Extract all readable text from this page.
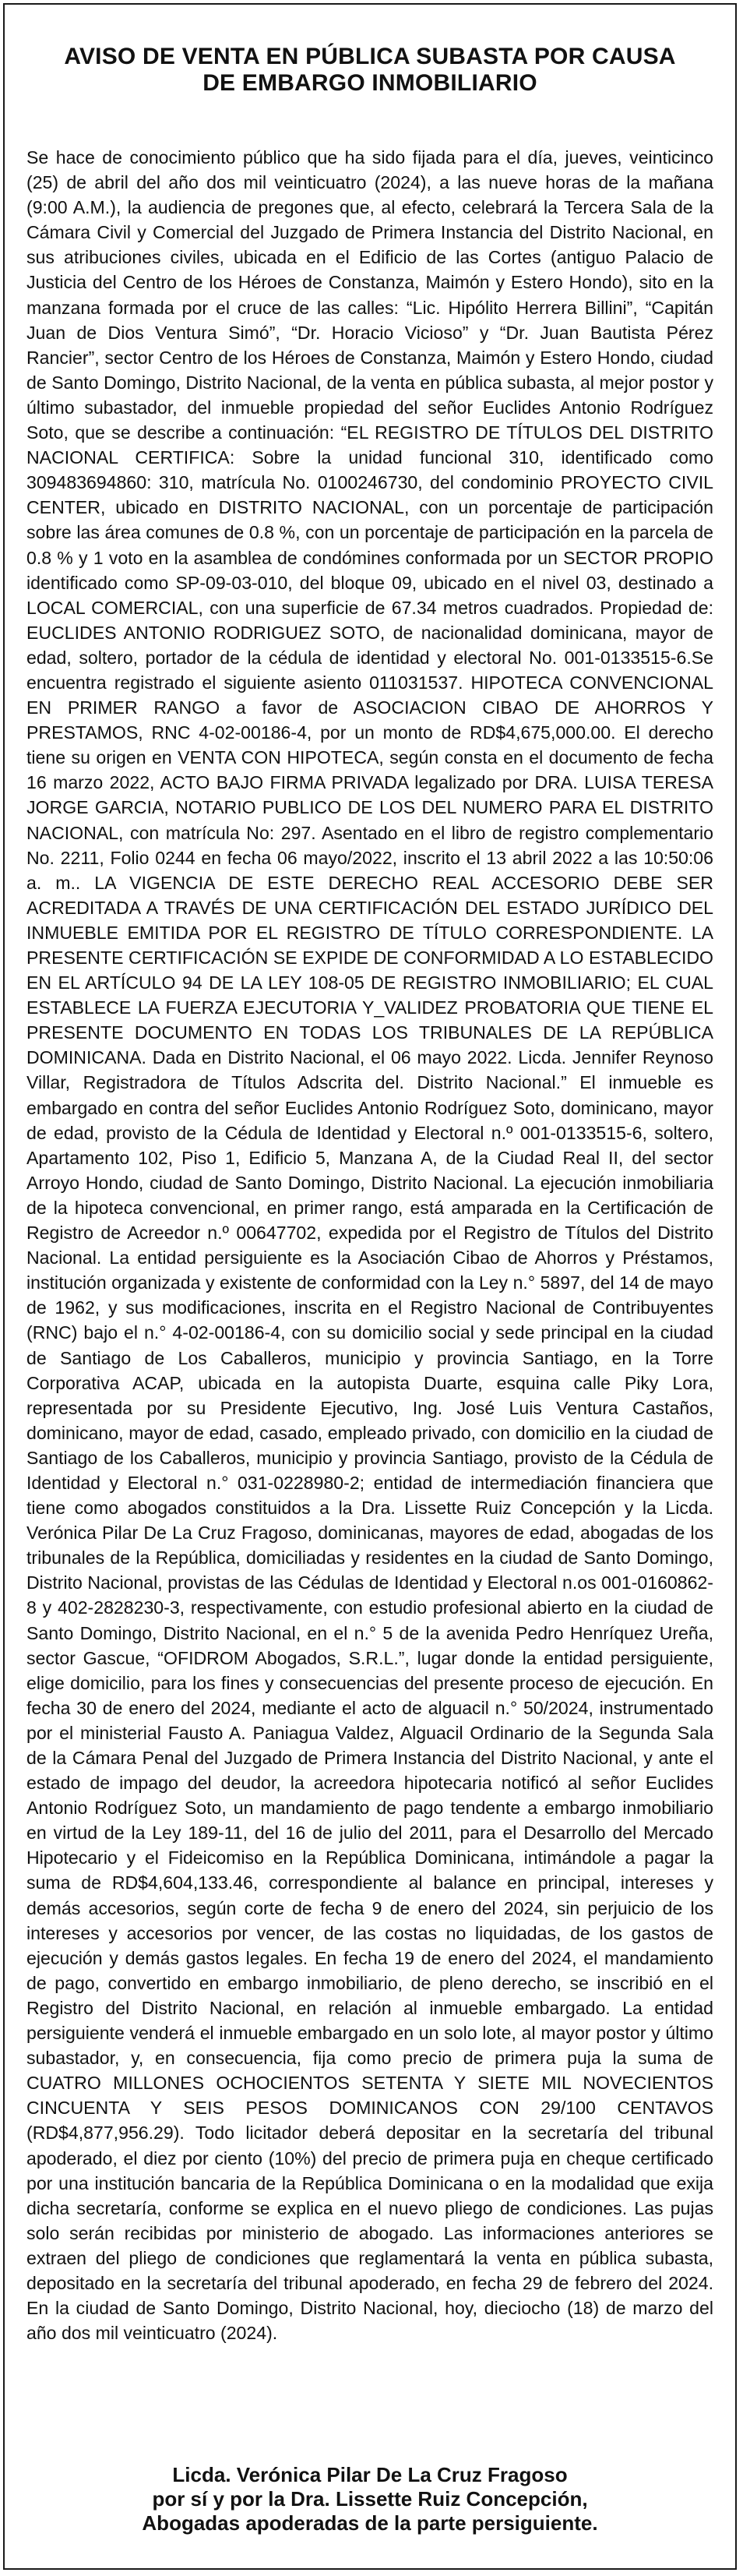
AVISO DE VENTA EN PÚBLICA SUBASTA POR CAUSA
DE EMBARGO INMOBILIARIO
Se hace de conocimiento público que ha sido fijada para el día, jueves, veinticinco (25) de abril del año dos mil veinticuatro (2024), a las nueve horas de la mañana (9:00 A.M.), la audiencia de pregones que, al efecto, celebrará la Tercera Sala de la Cámara Civil y Comercial del Juzgado de Primera Instancia del Distrito Nacional, en sus atribuciones civiles, ubicada en el Edificio de las Cortes (antiguo Palacio de Justicia del Centro de los Héroes de Constanza, Maimón y Estero Hondo), sito en la manzana formada por el cruce de las calles: “Lic. Hipólito Herrera Billini”, “Capitán Juan de Dios Ventura Simó”, “Dr. Horacio Vicioso” y “Dr. Juan Bautista Pérez Rancier”, sector Centro de los Héroes de Constanza, Maimón y Estero Hondo, ciudad de Santo Domingo, Distrito Nacional, de la venta en pública subasta, al mejor postor y último subastador, del inmueble propiedad del señor Euclides Antonio Rodríguez Soto, que se describe a continuación: “EL REGISTRO DE TÍTULOS DEL DISTRITO NACIONAL CERTIFICA: Sobre la unidad funcional 310, identificado como 309483694860: 310, matrícula No. 0100246730, del condominio PROYECTO CIVIL CENTER, ubicado en DISTRITO NACIONAL, con un porcentaje de participación sobre las área comunes de 0.8 %, con un porcentaje de participación en la parcela de 0.8 % y 1 voto en la asamblea de condómines conformada por un SECTOR PROPIO identificado como SP-09-03-010, del bloque 09, ubicado en el nivel 03, destinado a LOCAL COMERCIAL, con una superficie de 67.34 metros cuadrados. Propiedad de: EUCLIDES ANTONIO RODRIGUEZ SOTO, de nacionalidad dominicana, mayor de edad, soltero, portador de la cédula de identidad y electoral No. 001-0133515-6.Se encuentra registrado el siguiente asiento 011031537. HIPOTECA CONVENCIONAL EN PRIMER RANGO a favor de ASOCIACION CIBAO DE AHORROS Y PRESTAMOS, RNC 4-02-00186-4, por un monto de RD$4,675,000.00. El derecho tiene su origen en VENTA CON HIPOTECA, según consta en el documento de fecha 16 marzo 2022, ACTO BAJO FIRMA PRIVADA legalizado por DRA. LUISA TERESA JORGE GARCIA, NOTARIO PUBLICO DE LOS DEL NUMERO PARA EL DISTRITO NACIONAL, con matrícula No: 297. Asentado en el libro de registro complementario No. 2211, Folio 0244 en fecha 06 mayo/2022, inscrito el 13 abril 2022 a las 10:50:06 a. m.. LA VIGENCIA DE ESTE DERECHO REAL ACCESORIO DEBE SER ACREDITADA A TRAVÉS DE UNA CERTIFICACIÓN DEL ESTADO JURÍDICO DEL INMUEBLE EMITIDA POR EL REGISTRO DE TÍTULO CORRESPONDIENTE. LA PRESENTE CERTIFICACIÓN SE EXPIDE DE CONFORMIDAD A LO ESTABLECIDO EN EL ARTÍCULO 94 DE LA LEY 108-05 DE REGISTRO INMOBILIARIO; EL CUAL ESTABLECE LA FUERZA EJECUTORIA Y_VALIDEZ PROBATORIA QUE TIENE EL PRESENTE DOCUMENTO EN TODAS LOS TRIBUNALES DE LA REPÚBLICA DOMINICANA. Dada en Distrito Nacional, el 06 mayo 2022. Licda. Jennifer Reynoso Villar, Registradora de Títulos Adscrita del. Distrito Nacional.” El inmueble es embargado en contra del señor Euclides Antonio Rodríguez Soto, dominicano, mayor de edad, provisto de la Cédula de Identidad y Electoral n.º 001-0133515-6, soltero, Apartamento 102, Piso 1, Edificio 5, Manzana A, de la Ciudad Real II, del sector Arroyo Hondo, ciudad de Santo Domingo, Distrito Nacional. La ejecución inmobiliaria de la hipoteca convencional, en primer rango, está amparada en la Certificación de Registro de Acreedor n.º 00647702, expedida por el Registro de Títulos del Distrito Nacional. La entidad persiguiente es la Asociación Cibao de Ahorros y Préstamos, institución organizada y existente de conformidad con la Ley n.° 5897, del 14 de mayo de 1962, y sus modificaciones, inscrita en el Registro Nacional de Contribuyentes (RNC) bajo el n.° 4-02-00186-4, con su domicilio social y sede principal en la ciudad de Santiago de Los Caballeros, municipio y provincia Santiago, en la Torre Corporativa ACAP, ubicada en la autopista Duarte, esquina calle Piky Lora, representada por su Presidente Ejecutivo, Ing. José Luis Ventura Castaños, dominicano, mayor de edad, casado, empleado privado, con domicilio en la ciudad de Santiago de los Caballeros, municipio y provincia Santiago, provisto de la Cédula de Identidad y Electoral n.° 031-0228980-2; entidad de intermediación financiera que tiene como abogados constituidos a la Dra. Lissette Ruiz Concepción y la Licda. Verónica Pilar De La Cruz Fragoso, dominicanas, mayores de edad, abogadas de los tribunales de la República, domiciliadas y residentes en la ciudad de Santo Domingo, Distrito Nacional, provistas de las Cédulas de Identidad y Electoral n.os 001-0160862-8 y 402-2828230-3, respectivamente, con estudio profesional abierto en la ciudad de Santo Domingo, Distrito Nacional, en el n.° 5 de la avenida Pedro Henríquez Ureña, sector Gascue, “OFIDROM Abogados, S.R.L.”, lugar donde la entidad persiguiente, elige domicilio, para los fines y consecuencias del presente proceso de ejecución. En fecha 30 de enero del 2024, mediante el acto de alguacil n.° 50/2024, instrumentado por el ministerial Fausto A. Paniagua Valdez, Alguacil Ordinario de la Segunda Sala de la Cámara Penal del Juzgado de Primera Instancia del Distrito Nacional, y ante el estado de impago del deudor, la acreedora hipotecaria notificó al señor Euclides Antonio Rodríguez Soto, un mandamiento de pago tendente a embargo inmobiliario en virtud de la Ley 189-11, del 16 de julio del 2011, para el Desarrollo del Mercado Hipotecario y el Fideicomiso en la República Dominicana, intimándole a pagar la suma de RD$4,604,133.46, correspondiente al balance en principal, intereses y demás accesorios, según corte de fecha 9 de enero del 2024, sin perjuicio de los intereses y accesorios por vencer, de las costas no liquidadas, de los gastos de ejecución y demás gastos legales. En fecha 19 de enero del 2024, el mandamiento de pago, convertido en embargo inmobiliario, de pleno derecho, se inscribió en el Registro del Distrito Nacional, en relación al inmueble embargado. La entidad persiguiente venderá el inmueble embargado en un solo lote, al mayor postor y último subastador, y, en consecuencia, fija como precio de primera puja la suma de CUATRO MILLONES OCHOCIENTOS SETENTA Y SIETE MIL NOVECIENTOS CINCUENTA Y SEIS PESOS DOMINICANOS CON 29/100 CENTAVOS (RD$4,877,956.29). Todo licitador deberá depositar en la secretaría del tribunal apoderado, el diez por ciento (10%) del precio de primera puja en cheque certificado por una institución bancaria de la República Dominicana o en la modalidad que exija dicha secretaría, conforme se explica en el nuevo pliego de condiciones. Las pujas solo serán recibidas por ministerio de abogado. Las informaciones anteriores se extraen del pliego de condiciones que reglamentará la venta en pública subasta, depositado en la secretaría del tribunal apoderado, en fecha 29 de febrero del 2024. En la ciudad de Santo Domingo, Distrito Nacional, hoy, dieciocho (18) de marzo del año dos mil veinticuatro (2024).
Licda. Verónica Pilar De La Cruz Fragoso
por sí y por la Dra. Lissette Ruiz Concepción,
Abogadas apoderadas de la parte persiguiente.
